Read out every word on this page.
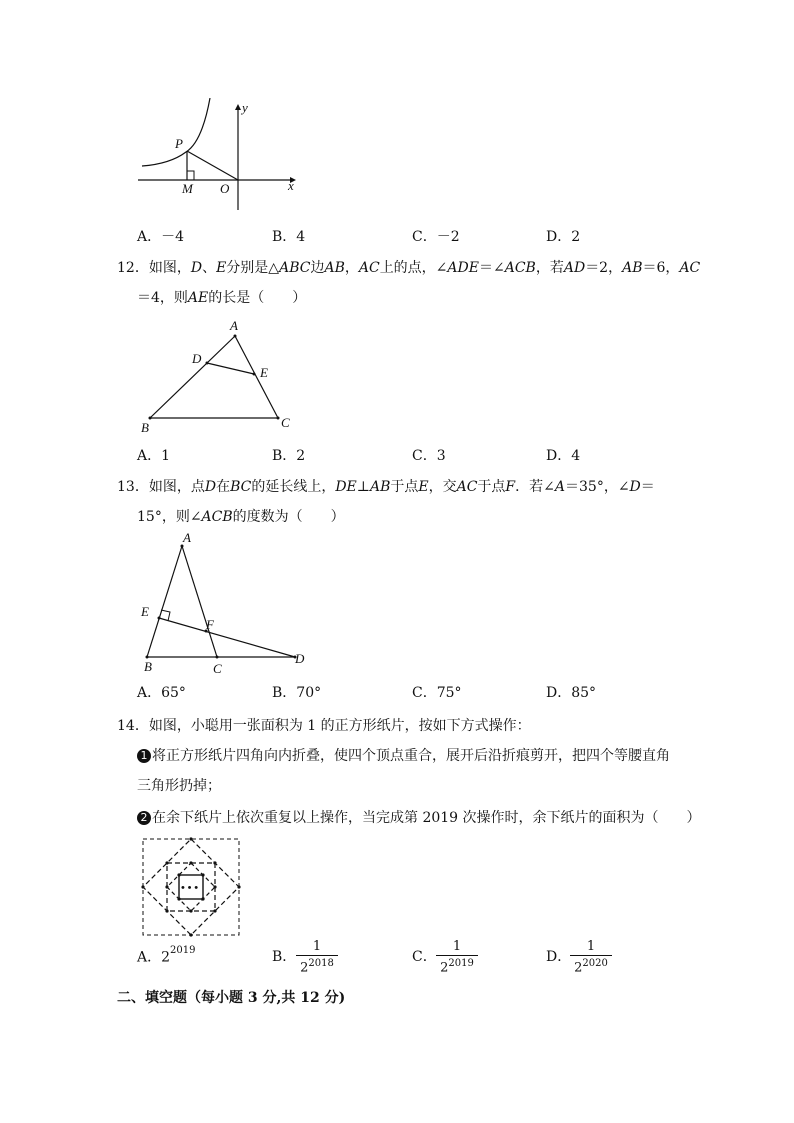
y
x
P
M O
A．－4	B．4	C．－2	D．2
12．如图，D、E分别是△ABC边AB，AC上的点，∠ADE＝∠ACB，若AD＝2，AB＝6，AC
＝4，则AE的长是（　　）
A
D
E
B	C
A．1	B．2	C．3	D．4
13．如图，点D在BC的延长线上，DE⊥AB于点E，交AC于点F．若∠A＝35°，∠D＝
15°，则∠ACB的度数为（　　）
A
E
F
B	C
D
A．65°	B．70°	C．75°	D．85°
14．如图，小聪用一张面积为 1 的正方形纸片，按如下方式操作：
1 将正方形纸片四角向内折叠，使四个顶点重合，展开后沿折痕剪开，把四个等腰直角
三角形扔掉；
2 在余下纸片上依次重复以上操作，当完成第 2019 次操作时，余下纸片的面积为（　　）
• • •
A．$2^{2019}$	B． $\frac{1}{2^{2018}}$	C． $\frac{1}{2^{2019}}$	D．
$\frac{1}{2^{2020}}$
二、填空题（每小题 3 分,共 12 分)
